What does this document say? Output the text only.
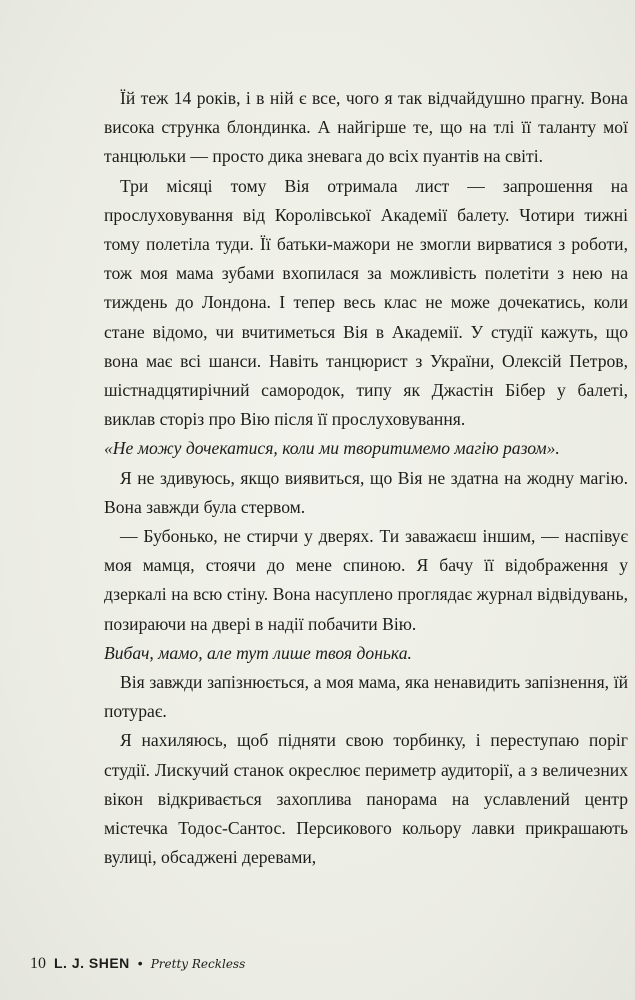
Їй теж 14 років, і в ній є все, чого я так відчайдушно прагну. Вона висока струнка блондинка. А найгірше те, що на тлі її таланту мої танцюльки — просто дика зневага до всіх пуантів на світі.

Три місяці тому Вія отримала лист — запрошення на прослуховування від Королівської Академії балету. Чотири тижні тому полетіла туди. Її батьки-мажори не змогли вирватися з роботи, тож моя мама зубами вхопилася за можливість полетіти з нею на тиждень до Лондона. І тепер весь клас не може дочекатись, коли стане відомо, чи вчитиметься Вія в Академії. У студії кажуть, що вона має всі шанси. Навіть танцюрист з України, Олексій Петров, шістнадцятирічний самородок, типу як Джастін Бібер у балеті, виклав сторіз про Вію після її прослуховування.

«Не можу дочекатися, коли ми творитимемо магію разом».

Я не здивуюсь, якщо виявиться, що Вія не здатна на жодну магію. Вона завжди була стервом.

— Бубонько, не стирчи у дверях. Ти заважаєш іншим, — наспівує моя мамця, стоячи до мене спиною. Я бачу її відображення у дзеркалі на всю стіну. Вона насуплено проглядає журнал відвідувань, позираючи на двері в надії побачити Вію.

Вибач, мамо, але тут лише твоя донька.

Вія завжди запізнюється, а моя мама, яка ненавидить запізнення, їй потурає.

Я нахиляюсь, щоб підняти свою торбинку, і переступаю поріг студії. Лискучий станок окреслює периметр аудиторії, а з величезних вікон відкривається захоплива панорама на уславлений центр містечка Тодос-Сантос. Персикового кольору лавки прикрашають вулиці, обсаджені деревами,

10 L. J. SHEN • Pretty Reckless
